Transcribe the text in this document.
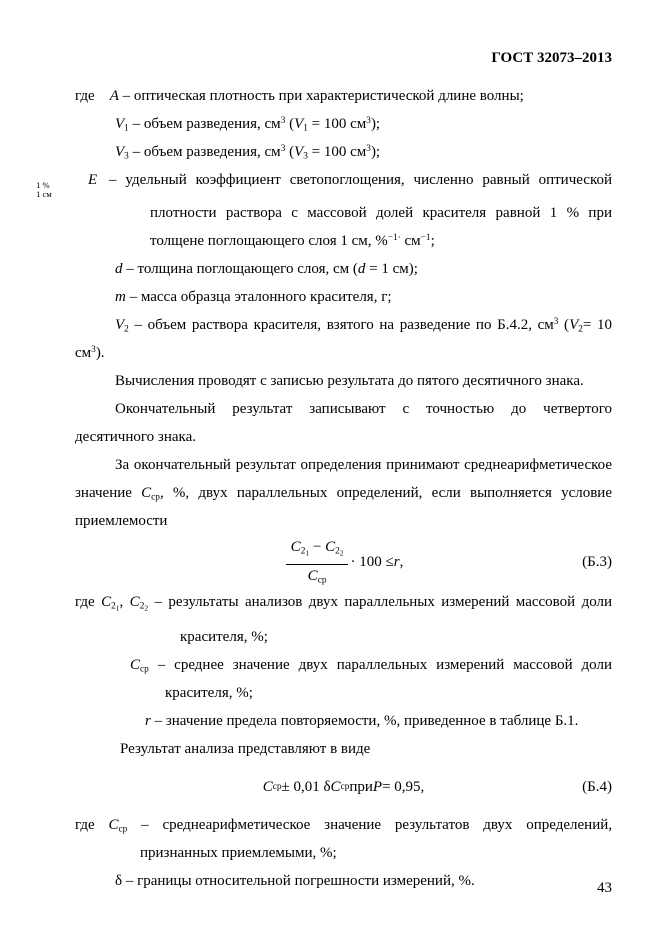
ГОСТ 32073–2013

где    A – оптическая плотность при характеристической длине волны;

$V_1$ – объем разведения, $см^3$ ($V_1 = 100$ $см^3$);

$V_3$ – объем разведения, $см^3$ ($V_3 = 100$ $см^3$);

E
1 %
1 см
– удельный коэффициент светопоглощения, численно равный оптической плотности раствора с массовой долей красителя равной 1 % при толщене поглощающего слоя 1 см, %$^{-1\cdot}$ $см^{-1}$;

d – толщина поглощающего слоя, см (d = 1 см);

m – масса образца эталонного красителя, г;

$V_2$ – объем раствора красителя, взятого на разведение по Б.4.2, $см^3$ ($V_2= 10$ $см^3$).

Вычисления проводят с записью результата до пятого десятичного знака.

Окончательный результат записывают с точностью до четвертого десятичного знака.

За окончательный результат определения принимают среднеарифметическое значение $C_{ср}$, %, двух параллельных определений, если выполняется условие приемлемости

$\frac{C_{21} - C_{22}}{C_{ср}} \cdot 100 \le r$ ,	(Б.3)

где $C_{21}$, $C_{22}$ – результаты анализов двух параллельных измерений массовой доли красителя, %;

$C_{ср}$ – среднее значение двух параллельных измерений массовой доли красителя, %;

r – значение предела повторяемости, %, приведенное в таблице Б.1.

Результат анализа представляют в виде

C ср ± 0,01 δ C ср при P = 0,95,	(Б.4)

где $C_{ср}$ – среднеарифметическое значение результатов двух определений, признанных приемлемыми, %;

δ – границы относительной погрешности измерений, %.	43
